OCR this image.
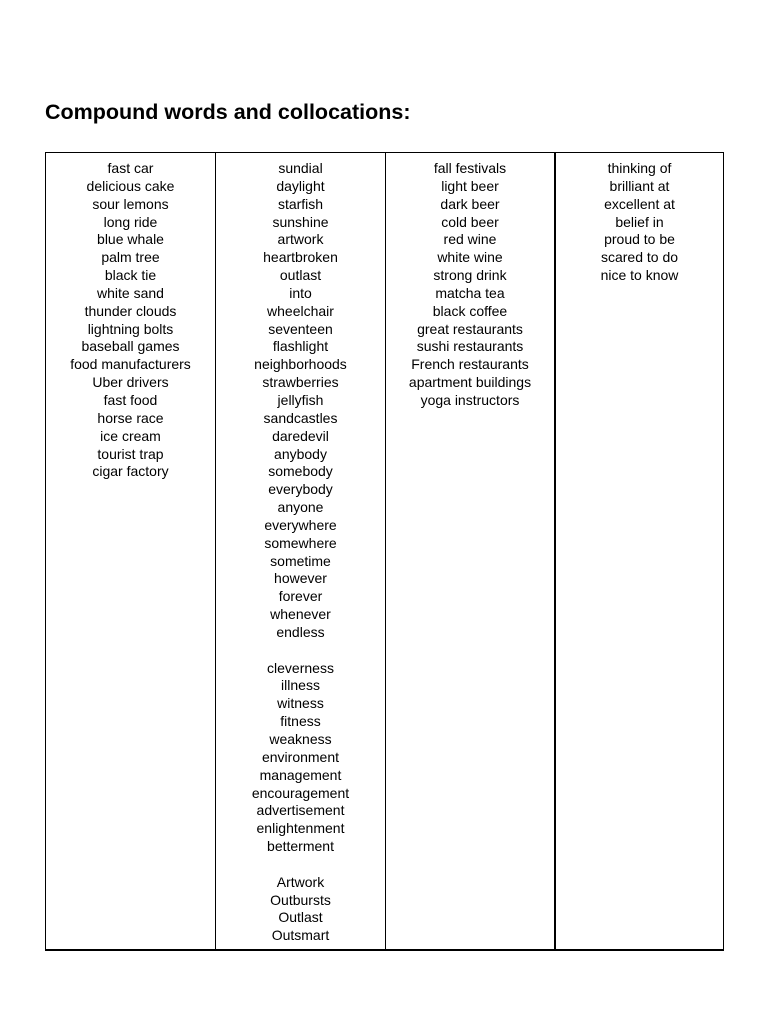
Compound words and collocations:
fast car
delicious cake
sour lemons
long ride
blue whale
palm tree
black tie
white sand
thunder clouds
lightning bolts
baseball games
food manufacturers
Uber drivers
fast food
horse race
ice cream
tourist trap
cigar factory
sundial
daylight
starfish
sunshine
artwork
heartbroken
outlast
into
wheelchair
seventeen
flashlight
neighborhoods
strawberries
jellyfish
sandcastles
daredevil
anybody
somebody
everybody
anyone
everywhere
somewhere
sometime
however
forever
whenever
endless
cleverness
illness
witness
fitness
weakness
environment
management
encouragement
advertisement
enlightenment
betterment
Artwork
Outbursts
Outlast
Outsmart
fall festivals
light beer
dark beer
cold beer
red wine
white wine
strong drink
matcha tea
black coffee
great restaurants
sushi restaurants
French restaurants
apartment buildings
yoga instructors
thinking of
brilliant at
excellent at
belief in
proud to be
scared to do
nice to know
